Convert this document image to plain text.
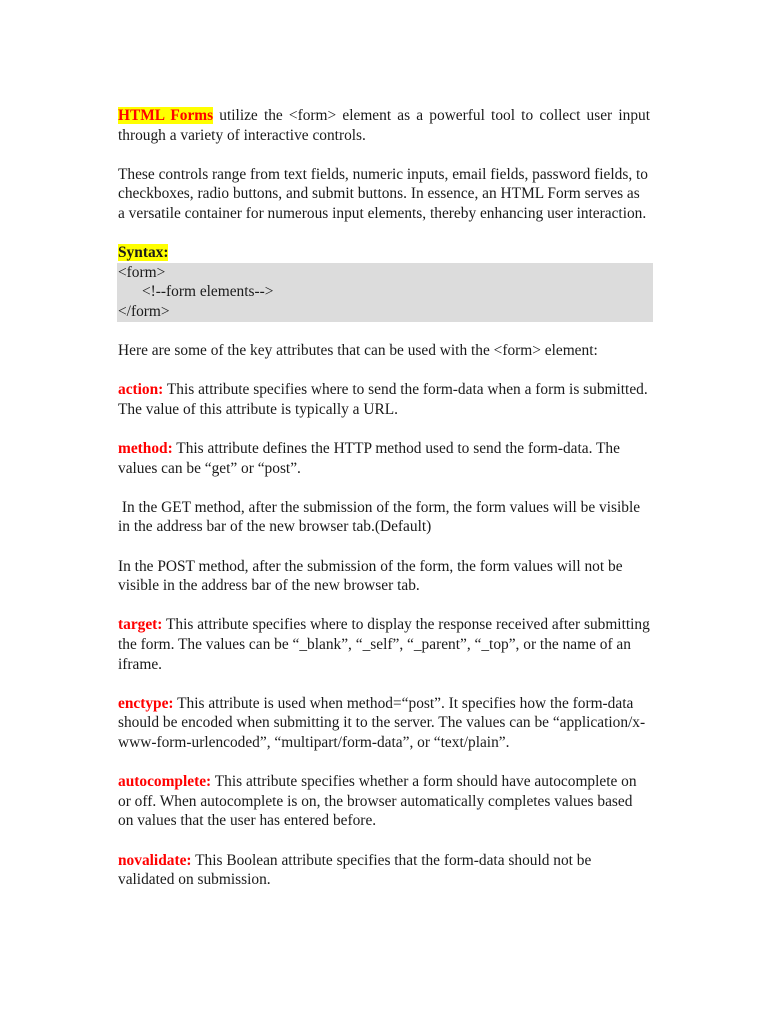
HTML Forms utilize the <form> element as a powerful tool to collect user input through a variety of interactive controls.

These controls range from text fields, numeric inputs, email fields, password fields, to checkboxes, radio buttons, and submit buttons. In essence, an HTML Form serves as a versatile container for numerous input elements, thereby enhancing user interaction.

Syntax:

<form>

<!--form elements-->

</form>

Here are some of the key attributes that can be used with the <form> element:

action: This attribute specifies where to send the form-data when a form is submitted. The value of this attribute is typically a URL.

method: This attribute defines the HTTP method used to send the form-data. The values can be “get” or “post”.

In the GET method, after the submission of the form, the form values will be visible in the address bar of the new browser tab.(Default)

In the POST method, after the submission of the form, the form values will not be visible in the address bar of the new browser tab.

target: This attribute specifies where to display the response received after submitting the form. The values can be “_blank”, “_self”, “_parent”, “_top”, or the name of an iframe.

enctype: This attribute is used when method=“post”. It specifies how the form-data should be encoded when submitting it to the server. The values can be “application/x-www-form-urlencoded”, “multipart/form-data”, or “text/plain”.

autocomplete: This attribute specifies whether a form should have autocomplete on or off. When autocomplete is on, the browser automatically completes values based on values that the user has entered before.

novalidate: This Boolean attribute specifies that the form-data should not be validated on submission.
